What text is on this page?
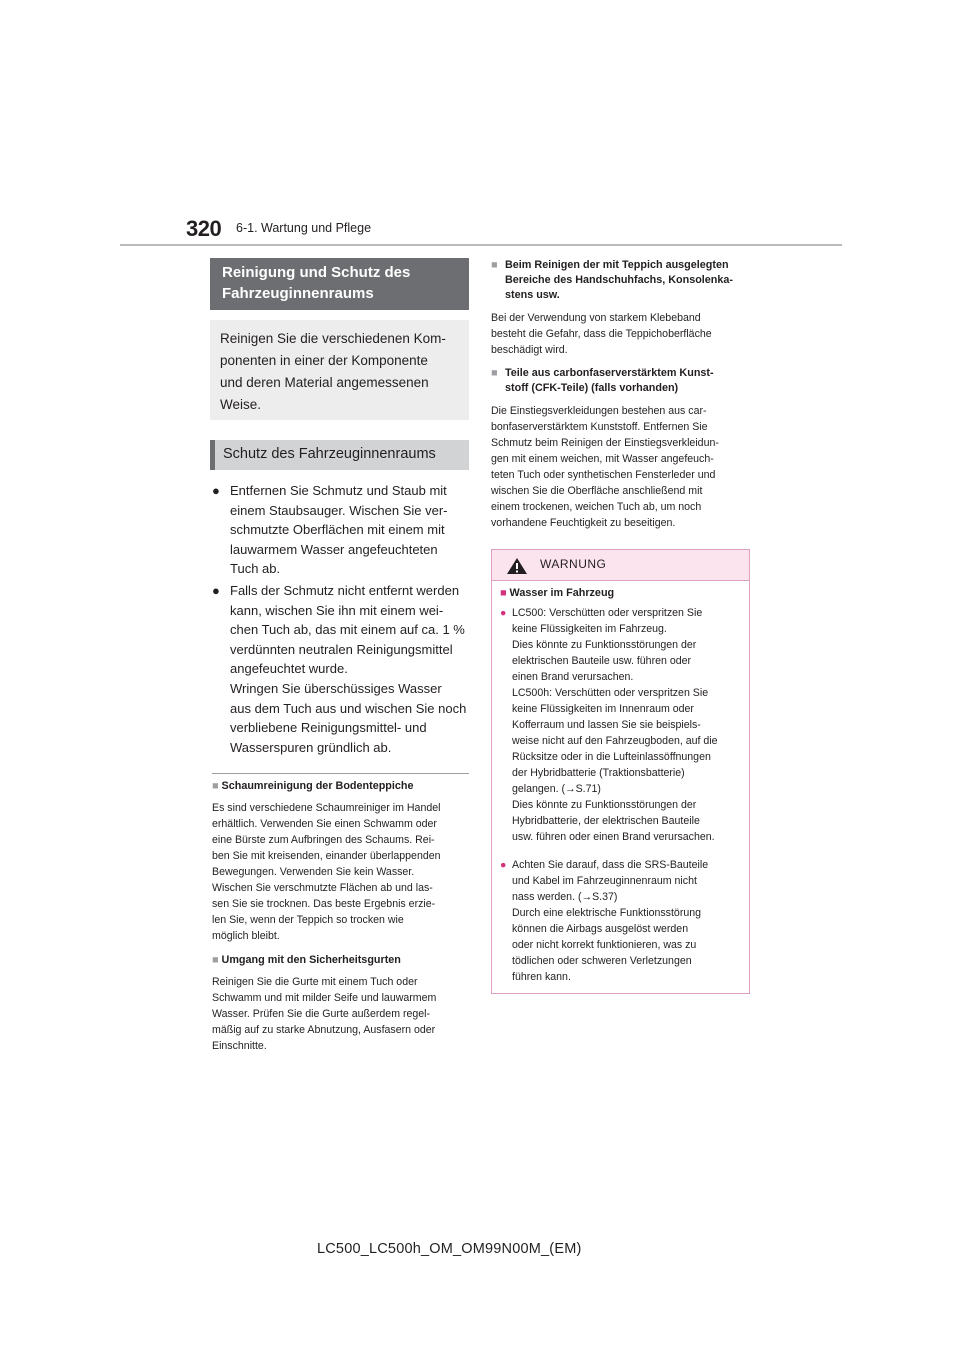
320 6-1. Wartung und Pflege
Reinigung und Schutz des Fahrzeuginnenraums
Reinigen Sie die verschiedenen Kom-
ponenten in einer der Komponente
und deren Material angemessenen
Weise.
Schutz des Fahrzeuginnenraums
● Entfernen Sie Schmutz und Staub mit
einem Staubsauger. Wischen Sie ver-
schmutzte Oberflächen mit einem mit
lauwarmem Wasser angefeuchteten
Tuch ab.
● Falls der Schmutz nicht entfernt werden
kann, wischen Sie ihn mit einem wei-
chen Tuch ab, das mit einem auf ca. 1 %
verdünnten neutralen Reinigungsmittel
angefeuchtet wurde.
Wringen Sie überschüssiges Wasser
aus dem Tuch aus und wischen Sie noch
verbliebene Reinigungsmittel- und
Wasserspuren gründlich ab.
■ Schaumreinigung der Bodenteppiche
Es sind verschiedene Schaumreiniger im Handel
erhältlich. Verwenden Sie einen Schwamm oder
eine Bürste zum Aufbringen des Schaums. Rei-
ben Sie mit kreisenden, einander überlappenden
Bewegungen. Verwenden Sie kein Wasser.
Wischen Sie verschmutzte Flächen ab und las-
sen Sie sie trocknen. Das beste Ergebnis erzie-
len Sie, wenn der Teppich so trocken wie
möglich bleibt.
■ Umgang mit den Sicherheitsgurten
Reinigen Sie die Gurte mit einem Tuch oder
Schwamm und mit milder Seife und lauwarmem
Wasser. Prüfen Sie die Gurte außerdem regel-
mäßig auf zu starke Abnutzung, Ausfasern oder
Einschnitte.
■ Beim Reinigen der mit Teppich ausgelegten
Bereiche des Handschuhfachs, Konsolenka-
stens usw.
Bei der Verwendung von starkem Klebeband
besteht die Gefahr, dass die Teppichoberfläche
beschädigt wird.
■ Teile aus carbonfaserverstärktem Kunst-
stoff (CFK-Teile) (falls vorhanden)
Die Einstiegsverkleidungen bestehen aus car-
bonfaserverstärktem Kunststoff. Entfernen Sie
Schmutz beim Reinigen der Einstiegsverkleidun-
gen mit einem weichen, mit Wasser angefeuch-
teten Tuch oder synthetischen Fensterleder und
wischen Sie die Oberfläche anschließend mit
einem trockenen, weichen Tuch ab, um noch
vorhandene Feuchtigkeit zu beseitigen.
WARNUNG
■ Wasser im Fahrzeug
● LC500: Verschütten oder verspritzen Sie
keine Flüssigkeiten im Fahrzeug.
Dies könnte zu Funktionsstörungen der
elektrischen Bauteile usw. führen oder
einen Brand verursachen.
LC500h: Verschütten oder verspritzen Sie
keine Flüssigkeiten im Innenraum oder
Kofferraum und lassen Sie sie beispiels-
weise nicht auf den Fahrzeugboden, auf die
Rücksitze oder in die Lufteinlassöffnungen
der Hybridbatterie (Traktionsbatterie)
gelangen. (→S.71)
Dies könnte zu Funktionsstörungen der
Hybridbatterie, der elektrischen Bauteile
usw. führen oder einen Brand verursachen.
● Achten Sie darauf, dass die SRS-Bauteile
und Kabel im Fahrzeuginnenraum nicht
nass werden. (→S.37)
Durch eine elektrische Funktionsstörung
können die Airbags ausgelöst werden
oder nicht korrekt funktionieren, was zu
tödlichen oder schweren Verletzungen
führen kann.
LC500_LC500h_OM_OM99N00M_(EM)
